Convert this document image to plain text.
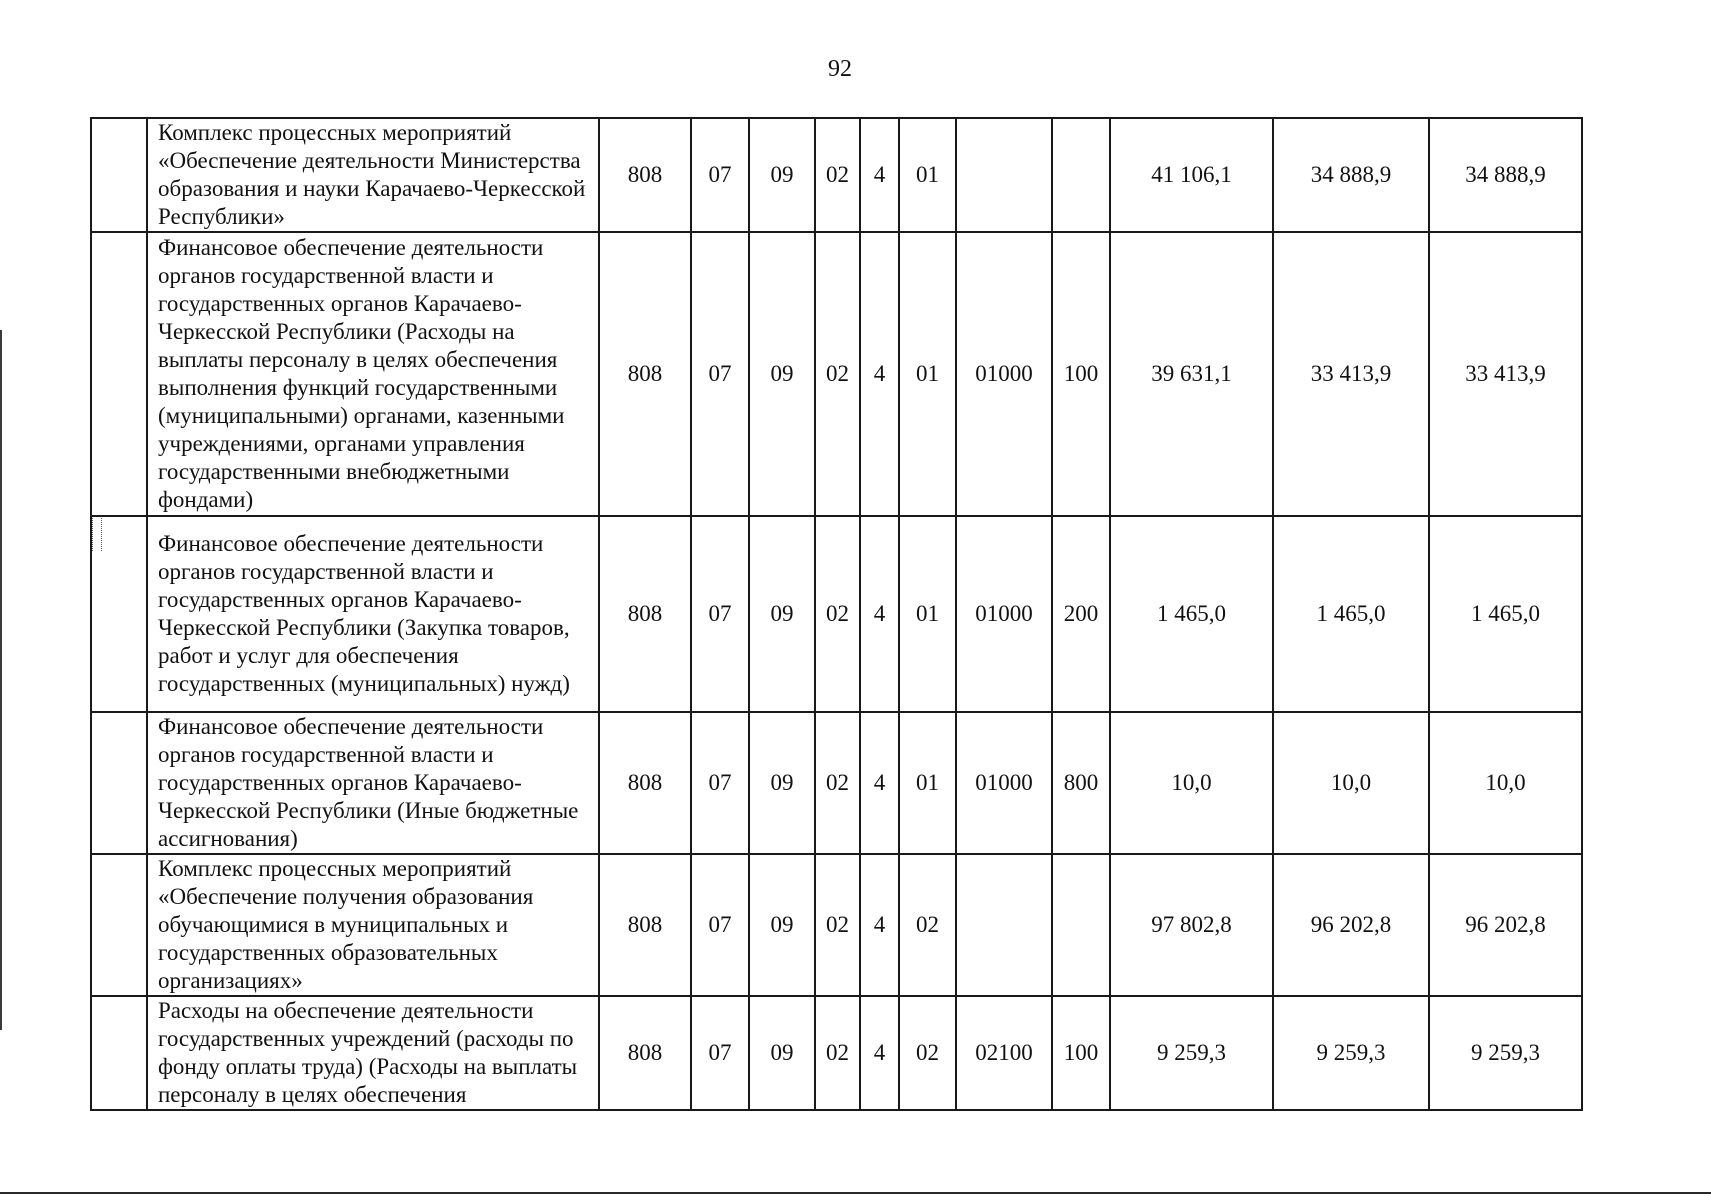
92
	Комплекс процессных мероприятий «Обеспечение деятельности Министерства образования и науки Карачаево-Черкесской Республики»	808	07	09	02	4	01			41 106,1	34 888,9	34 888,9
	Финансовое обеспечение деятельности органов государственной власти и государственных органов Карачаево-Черкесской Республики (Расходы на выплаты персоналу в целях обеспечения выполнения функций государственными (муниципальными) органами, казенными учреждениями, органами управления государственными внебюджетными фондами)	808	07	09	02	4	01	01000	100	39 631,1	33 413,9	33 413,9
	Финансовое обеспечение деятельности органов государственной власти и государственных органов Карачаево-Черкесской Республики (Закупка товаров, работ и услуг для обеспечения государственных (муниципальных) нужд)	808	07	09	02	4	01	01000	200	1 465,0	1 465,0	1 465,0
	Финансовое обеспечение деятельности органов государственной власти и государственных органов Карачаево-Черкесской Республики (Иные бюджетные ассигнования)	808	07	09	02	4	01	01000	800	10,0	10,0	10,0
	Комплекс процессных мероприятий «Обеспечение получения образования обучающимися в муниципальных и государственных образовательных организациях»	808	07	09	02	4	02			97 802,8	96 202,8	96 202,8
	Расходы на обеспечение деятельности государственных учреждений (расходы по фонду оплаты труда) (Расходы на выплаты персоналу в целях обеспечения	808	07	09	02	4	02	02100	100	9 259,3	9 259,3	9 259,3
